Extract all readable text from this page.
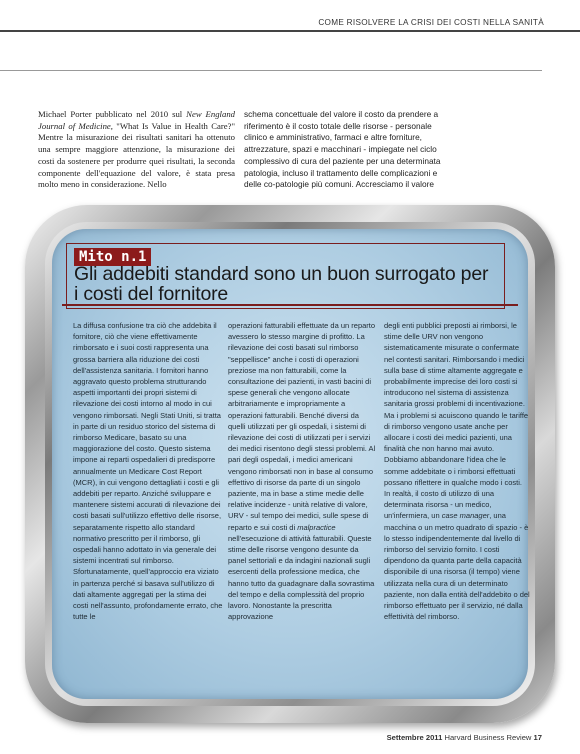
COME RISOLVERE LA CRISI DEI COSTI NELLA SANITÀ
Michael Porter pubblicato nel 2010 sul New England Journal of Medicine, "What Is Value in Health Care?" Mentre la misurazione dei risultati sanitari ha ottenuto una sempre maggiore attenzione, la misurazione dei costi da sostenere per produrre quei risultati, la seconda componente dell'equazione del valore, è stata presa molto meno in considerazione. Nello
schema concettuale del valore il costo da prendere a riferimento è il costo totale delle risorse - personale clinico e amministrativo, farmaci e altre forniture, attrezzature, spazi e macchinari - impiegate nel ciclo complessivo di cura del paziente per una determinata patologia, incluso il trattamento delle complicazioni e delle co-patologie più comuni. Accresciamo il valore
Mito n.1
Gli addebiti standard sono un buon surrogato per i costi del fornitore

La diffusa confusione tra ciò che addebita il fornitore, ciò che viene effettivamente rimborsato e i suoi costi rappresenta una grossa barriera alla riduzione dei costi dell'assistenza sanitaria. I fornitori hanno aggravato questo problema strutturando aspetti importanti dei propri sistemi di rilevazione dei costi intorno al modo in cui vengono rimborsati. Negli Stati Uniti, si tratta in parte di un residuo storico del sistema di rimborso Medicare, basato su una maggiorazione del costo. Questo sistema impone ai reparti ospedalieri di predisporre annualmente un Medicare Cost Report (MCR), in cui vengono dettagliati i costi e gli addebiti per reparto. Anziché sviluppare e mantenere sistemi accurati di rilevazione dei costi basati sull'utilizzo effettivo delle risorse, separatamente rispetto allo standard normativo prescritto per il rimborso, gli ospedali hanno adottato in via generale dei sistemi incentrati sul rimborso. Sfortunatamente, quell'approccio era viziato in partenza perché si basava sull'utilizzo di dati altamente aggregati per la stima dei costi nell'assunto, profondamente errato, che tutte le

operazioni fatturabili effettuate da un reparto avessero lo stesso margine di profitto. La rilevazione dei costi basati sul rimborso "seppellisce" anche i costi di operazioni preziose ma non fatturabili, come la consultazione dei pazienti, in vasti bacini di spese generali che vengono allocate arbitrariamente e impropriamente a operazioni fatturabili. Benché diversi da quelli utilizzati per gli ospedali, i sistemi di rilevazione dei costi di utilizzati per i servizi dei medici risentono degli stessi problemi. Al pari degli ospedali, i medici americani vengono rimborsati non in base al consumo effettivo di risorse da parte di un singolo paziente, ma in base a stime medie delle relative incidenze - unità relative di valore, URV - sul tempo dei medici, sulle spese di reparto e sui costi di malpractice nell'esecuzione di attività fatturabili. Queste stime delle risorse vengono desunte da panel settoriali e da indagini nazionali sugli esercenti della professione medica, che hanno tutto da guadagnare dalla sovrastima del tempo e della complessità del proprio lavoro. Nonostante la prescritta approvazione

degli enti pubblici preposti ai rimborsi, le stime delle URV non vengono sistematicamente misurate o confermate nel contesti sanitari. Rimborsando i medici sulla base di stime altamente aggregate e probabilmente imprecise dei loro costi si introducono nel sistema di assistenza sanitaria grossi problemi di incentivazione. Ma i problemi si acuiscono quando le tariffe di rimborso vengono usate anche per allocare i costi dei medici pazienti, una finalità che non hanno mai avuto.

Dobbiamo abbandonare l'idea che le somme addebitate o i rimborsi effettuati possano riflettere in qualche modo i costi. In realtà, il costo di utilizzo di una determinata risorsa - un medico, un'infermiera, un case manager, una macchina o un metro quadrato di spazio - è lo stesso indipendentemente dal livello di rimborso del servizio fornito. I costi dipendono da quanta parte della capacità disponibile di una risorsa (il tempo) viene utilizzata nella cura di un determinato paziente, non dalla entità dell'addebito o del rimborso effettuato per il servizio, né dalla effettività del rimborso.

Settembre 2011 Harvard Business Review 17
